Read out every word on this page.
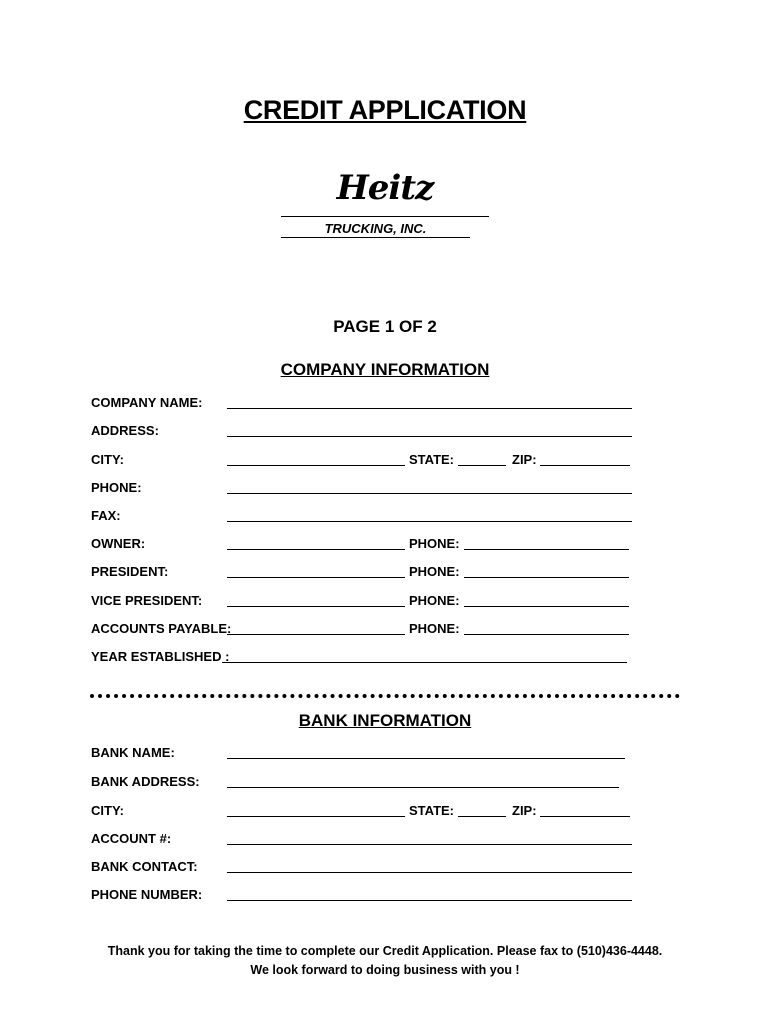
CREDIT APPLICATION
Heitz
TRUCKING, INC.
PAGE 1 OF 2
COMPANY INFORMATION
COMPANY NAME:
ADDRESS:
CITY:	STATE:	ZIP:
PHONE:
FAX:
OWNER:	PHONE:
PRESIDENT:	PHONE:
VICE PRESIDENT:	PHONE:
ACCOUNTS PAYABLE:	PHONE:
YEAR ESTABLISHED :
BANK INFORMATION
BANK NAME:
BANK ADDRESS:
CITY:	STATE:	ZIP:
ACCOUNT #:
BANK CONTACT:
PHONE NUMBER:
Thank you for taking the time to complete our Credit Application. Please fax to (510)436-4448.
We look forward to doing business with you !
